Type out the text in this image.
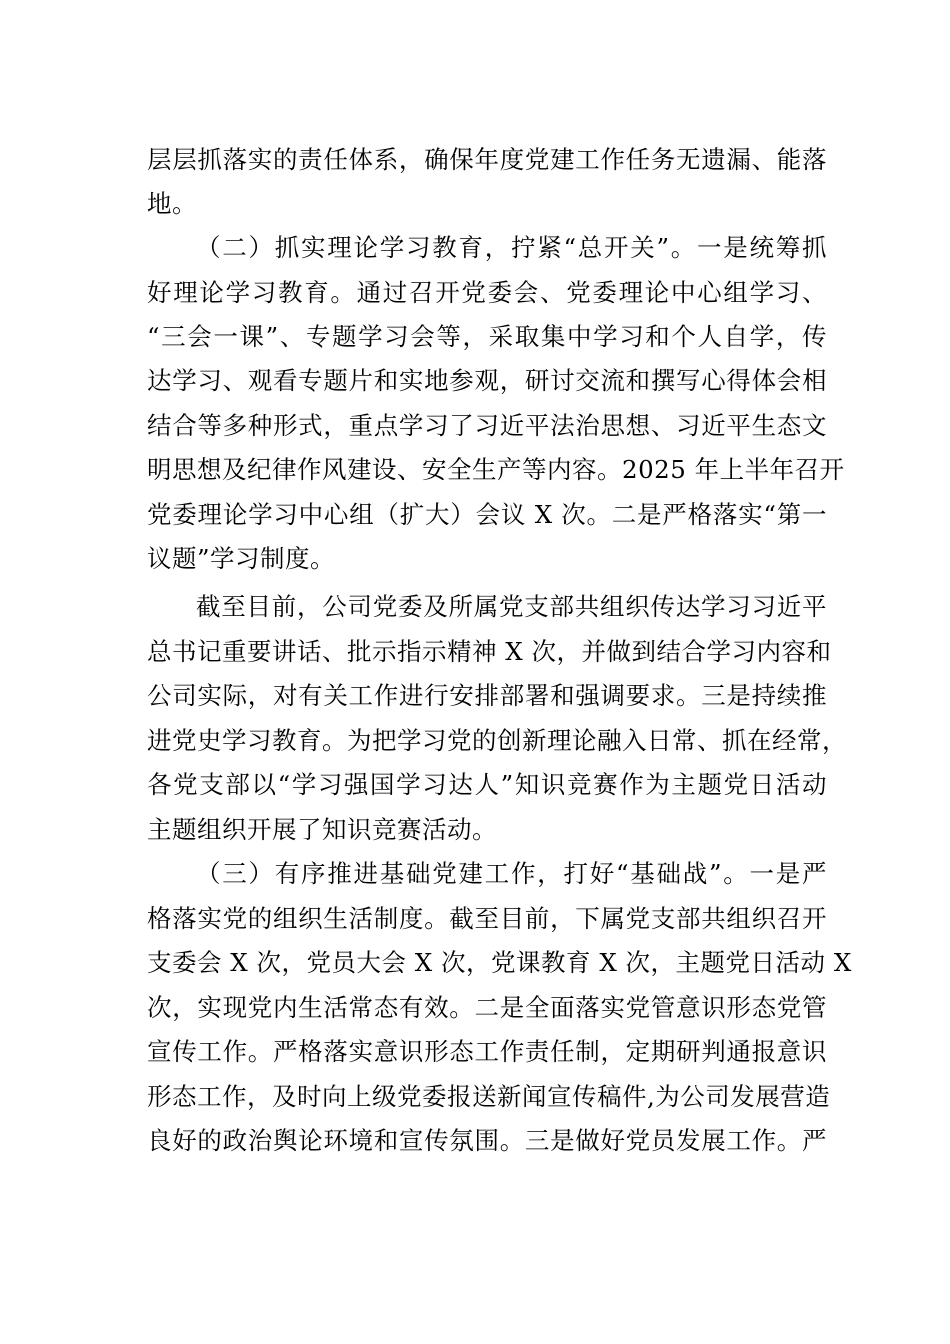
层层抓落实的责任体系，确保年度党建工作任务无遗漏、能落
地。
（二）抓实理论学习教育，拧紧“总开关”。一是统筹抓
好理论学习教育。通过召开党委会、党委理论中心组学习、
“三会一课”、专题学习会等，采取集中学习和个人自学，传
达学习、观看专题片和实地参观，研讨交流和撰写心得体会相
结合等多种形式，重点学习了习近平法治思想、习近平生态文
明思想及纪律作风建设、安全生产等内容。2025 年上半年召开
党委理论学习中心组（扩大）会议 X 次。二是严格落实“第一
议题”学习制度。
截至目前，公司党委及所属党支部共组织传达学习习近平
总书记重要讲话、批示指示精神 X 次，并做到结合学习内容和
公司实际，对有关工作进行安排部署和强调要求。三是持续推
进党史学习教育。为把学习党的创新理论融入日常、抓在经常，
各党支部以“学习强国学习达人”知识竞赛作为主题党日活动
主题组织开展了知识竞赛活动。
（三）有序推进基础党建工作，打好“基础战”。一是严
格落实党的组织生活制度。截至目前，下属党支部共组织召开
支委会 X 次，党员大会 X 次，党课教育 X 次，主题党日活动 X
次，实现党内生活常态有效。二是全面落实党管意识形态党管
宣传工作。严格落实意识形态工作责任制，定期研判通报意识
形态工作，及时向上级党委报送新闻宣传稿件,为公司发展营造
良好的政治舆论环境和宣传氛围。三是做好党员发展工作。严
